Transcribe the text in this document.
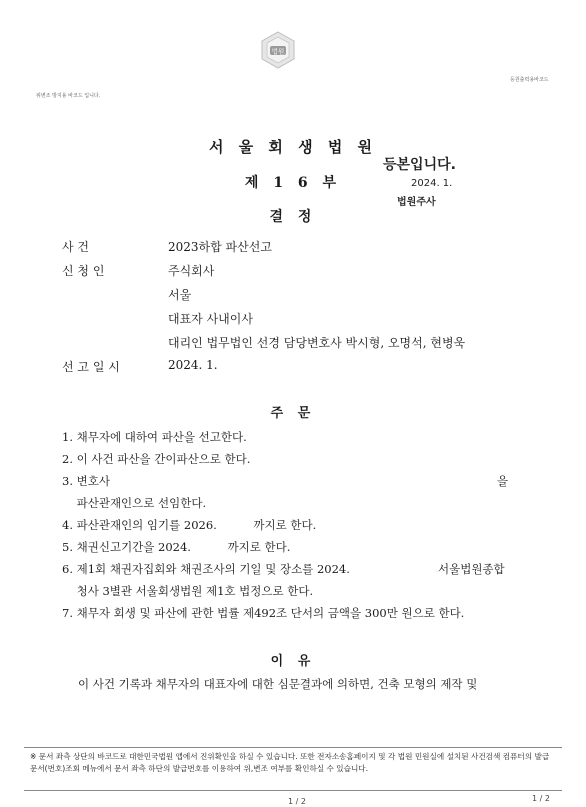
위변조 방지용 바코드 입니다.
등원출력용바코드
법원
서 울 회 생 법 원
제 1 6 부
결 정
등본입니다.
2024. 1.
법원주사
사 건	2023하합 파산선고
신 청 인	주식회사
서울
대표자 사내이사
대리인 법무법인 선경 담당변호사 박시형, 오명석, 현병욱
선 고 일 시	2024. 1.
주 문
1. 채무자에 대하여 파산을 선고한다.
2. 이 사건 파산을 간이파산으로 한다.
3. 변호사	을
파산관재인으로 선임한다.
4. 파산관재인의 임기를 2026.          까지로 한다.
5. 채권신고기간을 2024.          까지로 한다.
6. 제1회 채권자집회와 채권조사의 기일 및 장소를 2024.	서울법원종합
청사 3별관 서울회생법원 제1호 법정으로 한다.
7. 채무자 회생 및 파산에 관한 법률 제492조 단서의 금액을 300만 원으로 한다.
이 유
이 사건 기록과 채무자의 대표자에 대한 심문결과에 의하면, 건축 모형의 제작 및
※ 문서 좌측 상단의 바코드로 대한민국법원 앱에서 진위확인을 하실 수 있습니다. 또한 전자소송홈페이지 및 각 법원 민원실에 설치된 사건검색 컴퓨터의 발급문서(번호)조회 메뉴에서 문서 좌측 하단의 발급번호를 이용하여 위,변조 여부를 확인하실 수 있습니다.
1 / 2	1 / 2
